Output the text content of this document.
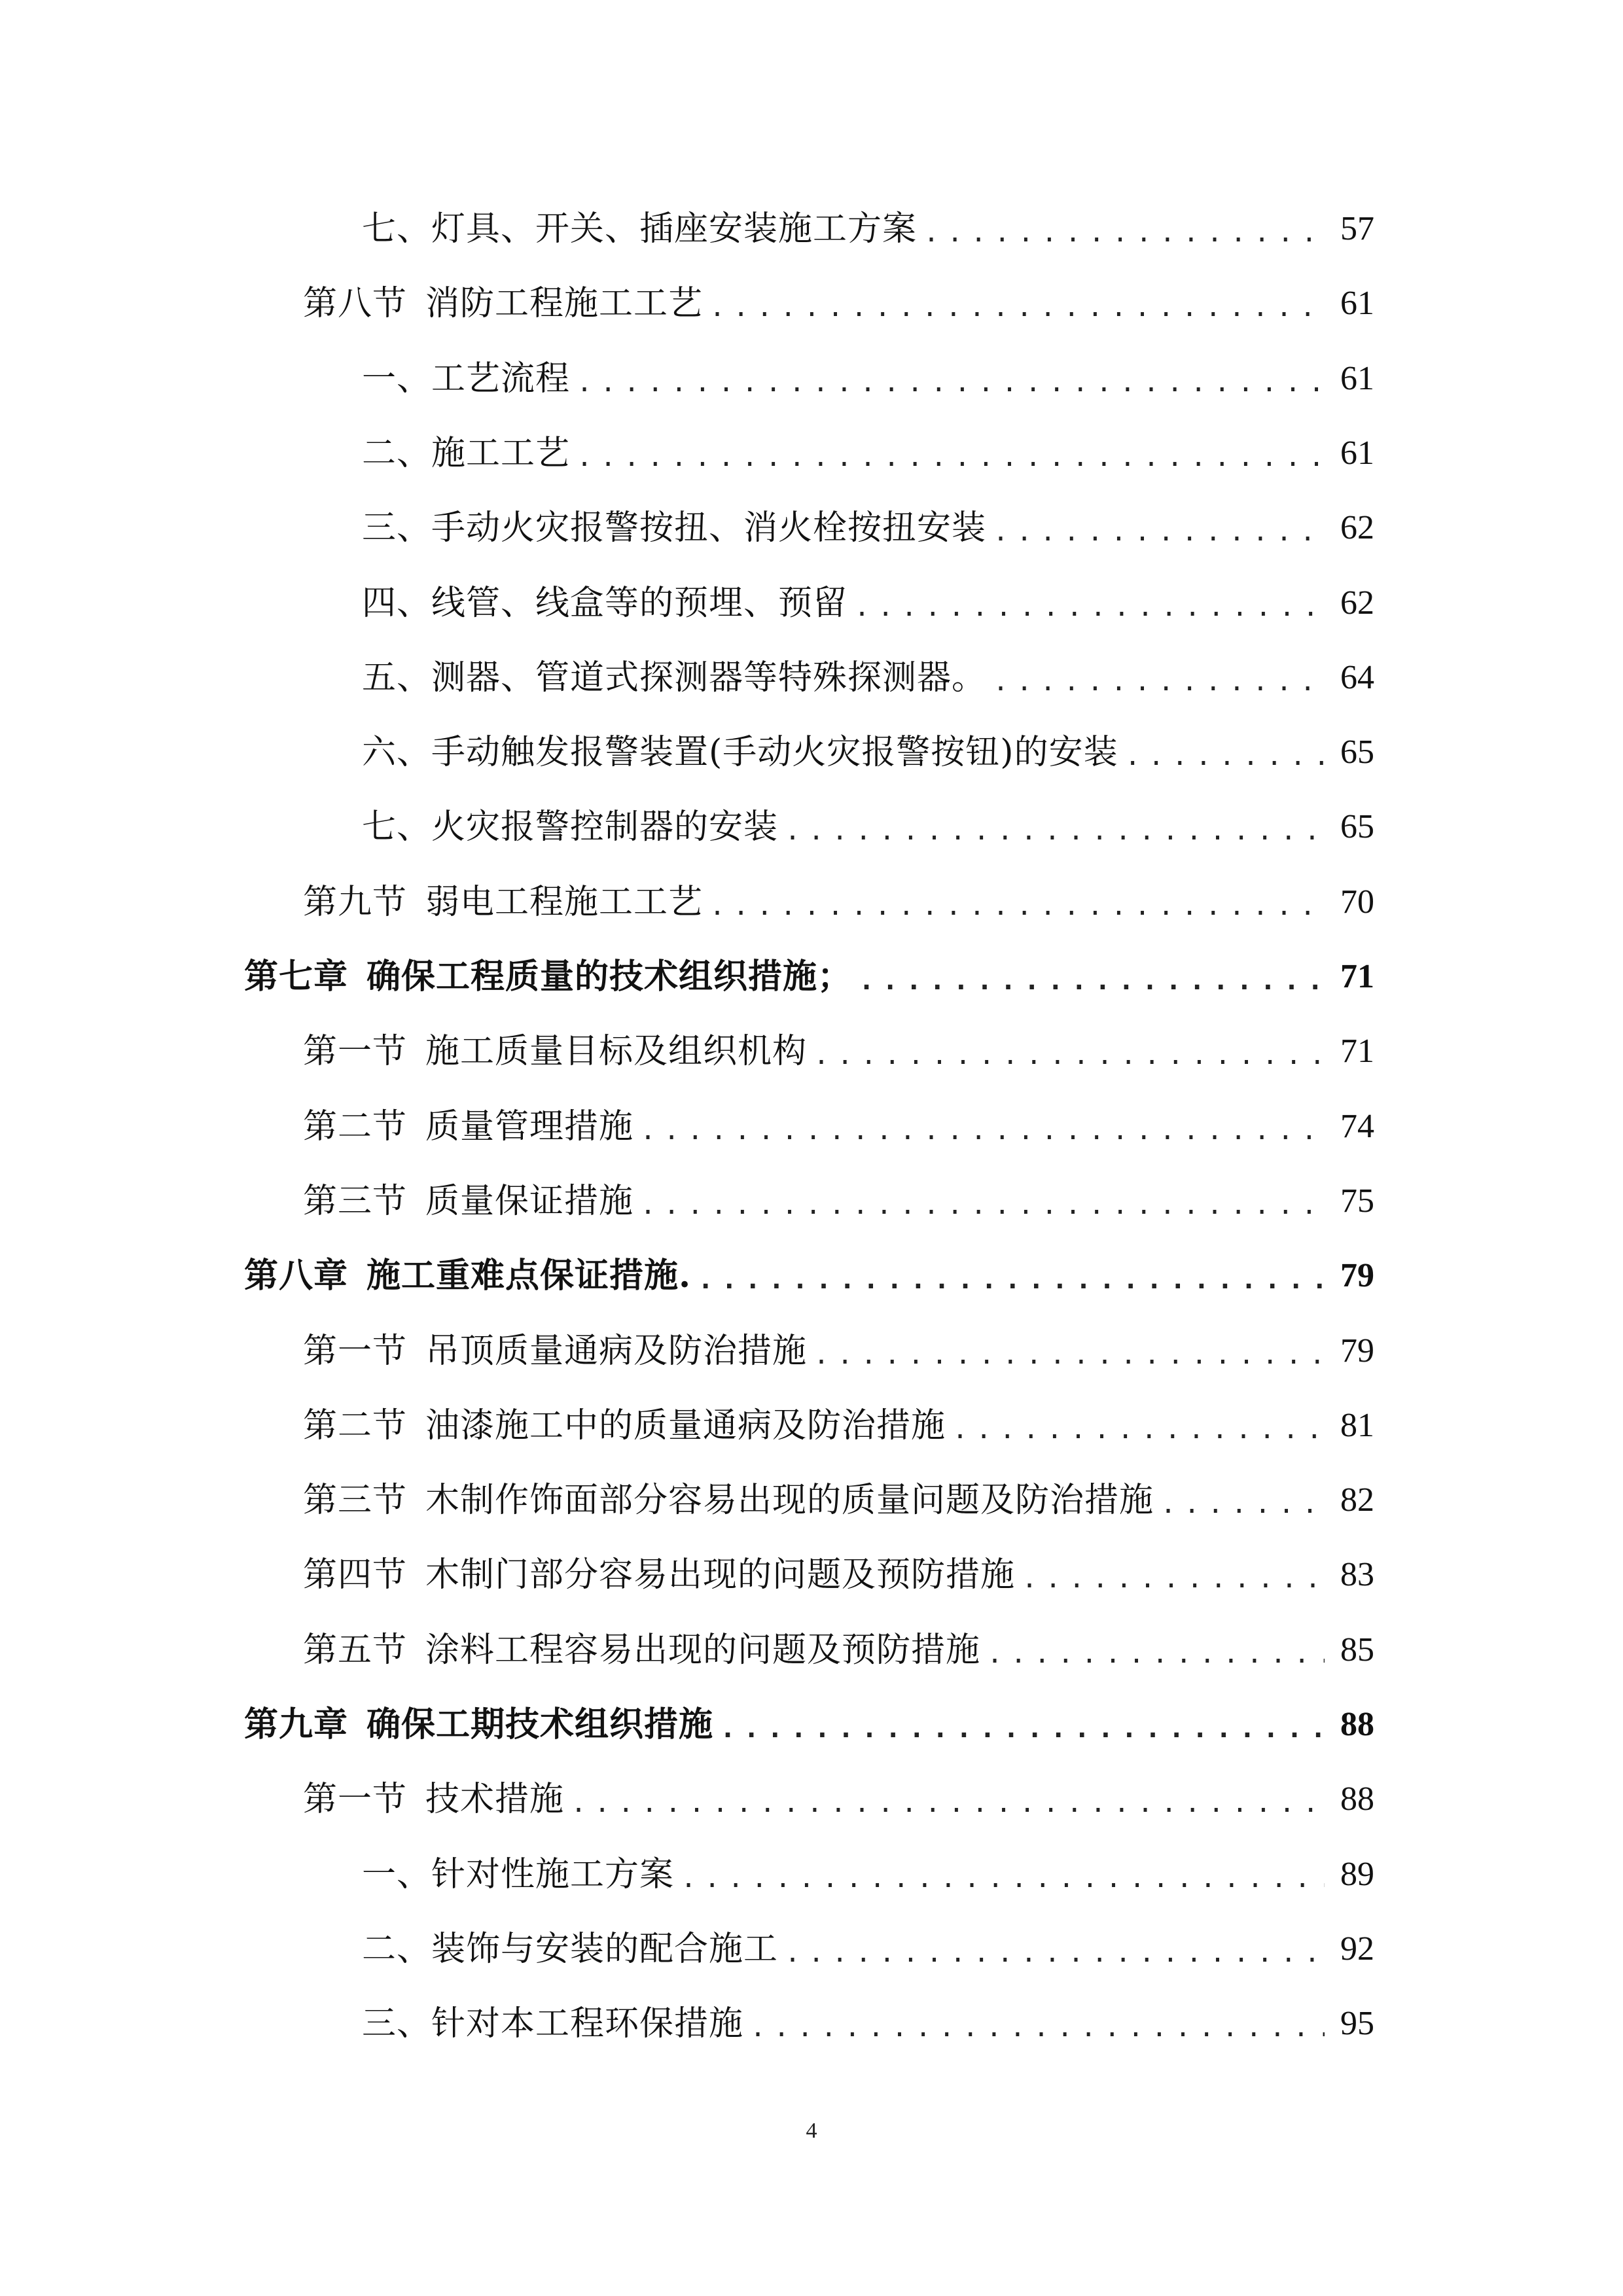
七、灯具、开关、插座安装施工方案 .....	57
第八节 消防工程施工工艺 .....	61
一、工艺流程 .....	61
二、施工工艺 .....	61
三、手动火灾报警按扭、消火栓按扭安装 .....	62
四、线管、线盒等的预埋、预留 .....	62
五、测器、管道式探测器等特殊探测器。 .....	64
六、手动触发报警装置(手动火灾报警按钮)的安装 .....	65
七、火灾报警控制器的安装 .....	65
第九节 弱电工程施工工艺 .....	70
第七章 确保工程质量的技术组织措施； .....	71
第一节 施工质量目标及组织机构 .....	71
第二节 质量管理措施 .....	74
第三节 质量保证措施 .....	75
第八章 施工重难点保证措施. .....	79
第一节 吊顶质量通病及防治措施 .....	79
第二节 油漆施工中的质量通病及防治措施 .....	81
第三节 木制作饰面部分容易出现的质量问题及防治措施 .....	82
第四节 木制门部分容易出现的问题及预防措施 .....	83
第五节 涂料工程容易出现的问题及预防措施 .....	85
第九章 确保工期技术组织措施 .....	88
第一节 技术措施 .....	88
一、针对性施工方案 .....	89
二、装饰与安装的配合施工 .....	92
三、针对本工程环保措施 .....	95
4
